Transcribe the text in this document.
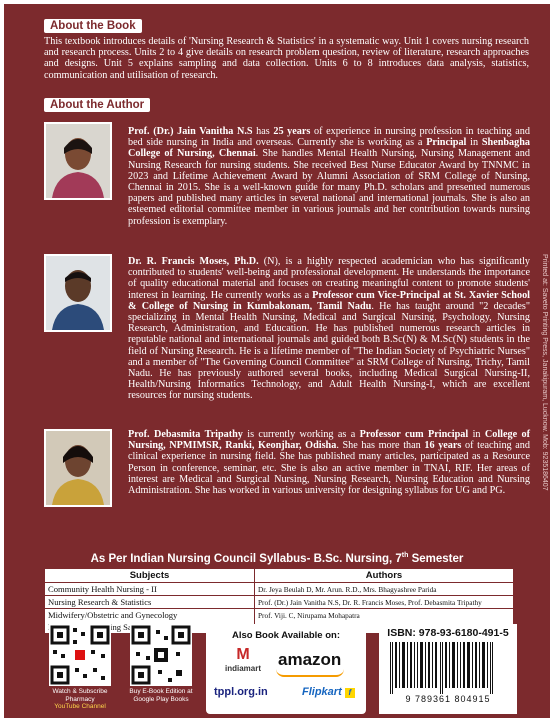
About the Book
This textbook introduces details of 'Nursing Research & Statistics' in a systematic way. Unit 1 covers nursing research and research process. Units 2 to 4 give details on research problem question, review of literature, research approaches and designs. Unit 5 explains sampling and data collection. Units 6 to 8 introduces data analysis, statistics, communication and utilisation of research.
About the Author
Prof. (Dr.) Jain Vanitha N.S has 25 years of experience in nursing profession in teaching and bed side nursing in India and overseas. Currently she is working as a Principal in Shenbagha College of Nursing, Chennai. She handles Mental Health Nursing, Nursing Management and Nursing Research for nursing students. She received Best Nurse Educator Award by TNNMC in 2023 and Lifetime Achievement Award by Alumni Association of SRM College of Nursing, Chennai in 2015. She is a well-known guide for many Ph.D. scholars and presented numerous papers and published many articles in several national and international journals. She is also an esteemed editorial committee member in various journals and her contribution towards nursing profession is exemplary.
Dr. R. Francis Moses, Ph.D. (N), is a highly respected academician who has significantly contributed to students' well-being and professional development. He understands the importance of quality educational material and focuses on creating meaningful content to promote students' interest in learning. He currently works as a Professor cum Vice-Principal at St. Xavier School & College of Nursing in Kumbakonam, Tamil Nadu. He has taught around "2 decades" specializing in Mental Health Nursing, Medical and Surgical Nursing, Psychology, Nursing Research, Administration, and Education. He has published numerous research articles in reputable national and international journals and guided both B.Sc(N) & M.Sc(N) students in the field of Nursing Research. He is a lifetime member of "The Indian Society of Psychiatric Nurses" and a member of "The Governing Council Committee" at SRM College of Nursing, Trichy, Tamil Nadu. He has previously authored several books, including Medical Surgical Nursing-II, Health/Nursing Informatics Technology, and Adult Health Nursing-I, which are excellent resources for nursing students.
Prof. Debasmita Tripathy is currently working as a Professor cum Principal in College of Nursing, NPMIMSR, Ranki, Keonjhar, Odisha. She has more than 16 years of teaching and clinical experience in nursing field. She has published many articles, participated as a Resource Person in conference, seminar, etc. She is also an active member in TNAI, RIF. Her areas of interest are Medical and Surgical Nursing, Nursing Research, Nursing Education and Nursing Administration. She has worked in various university for designing syllabus for UG and PG.	Printed at: Saveto Printing Press, Janakipuram, Lucknow. Mob: 9235186407
As Per Indian Nursing Council Syllabus- B.Sc. Nursing, 7th Semester
Subjects	Authors
Community Health Nursing - II	Dr. Jeya Beulah D, Mr. Arun. R.D., Mrs. Bhagyashree Parida
Nursing Research & Statistics	Prof. (Dr.) Jain Vanitha N.S, Dr. R. Francis Moses, Prof. Debasmita Tripathy
Midwifery/Obstetric and Gynecology	Prof. Viji. C, Nirupama Mohapatra

Watch & Subscribe
Pharmacy
YouTube Channel
Buy E-Book Edition at
Google Play Books
Also Book Available on:
M
indiamart	amazon
tppl.org.in	Flipkart f
ISBN: 978-93-6180-491-5
9 789361 804915
